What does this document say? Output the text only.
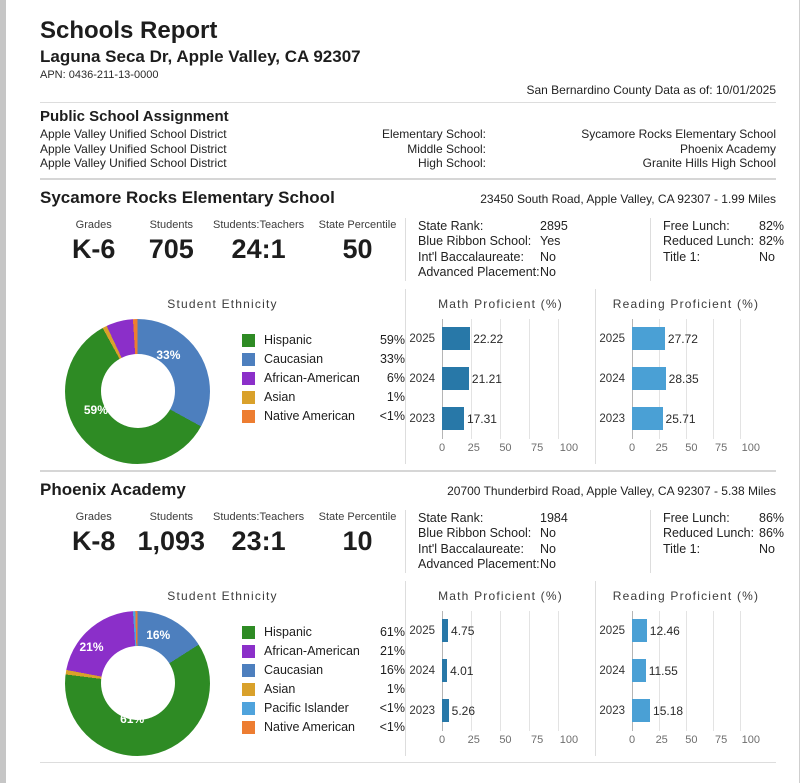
Schools Report
Laguna Seca Dr, Apple Valley, CA 92307
APN: 0436-211-13-0000
San Bernardino County Data as of: 10/01/2025
Public School Assignment
Apple Valley Unified School District	Elementary School:	Sycamore Rocks Elementary School
Apple Valley Unified School District	Middle School:	Phoenix Academy
Apple Valley Unified School District	High School:	Granite Hills High School
Sycamore Rocks Elementary School	23450 South Road, Apple Valley, CA 92307 - 1.99 Miles
Grades
K-6
Students
705
Students:Teachers
24:1
State Percentile
50
State Rank:	2895
Blue Ribbon School: Yes
Int'l Baccalaureate:	No
Advanced Placement: No
Free Lunch:	82%
Reduced Lunch: 82%
Title 1:	No
Student Ethnicity
33%
59%
Hispanic	59%
Caucasian	33%
African-American	6%
Asian	1%
Native American	<1%
Math Proficient (%)
2025	22.22
2024	21.21
2023	17.31
0 25 50 75 100
Reading Proficient (%)
2025	27.72
2024	28.35
2023	25.71
0 25 50 75 100
Phoenix Academy	20700 Thunderbird Road, Apple Valley, CA 92307 - 5.38 Miles
Grades
K-8
Students
1,093
Students:Teachers
23:1
State Percentile
10
State Rank:	1984
Blue Ribbon School: No
Int'l Baccalaureate:	No
Advanced Placement: No
Free Lunch:	86%
Reduced Lunch: 86%
Title 1:	No
Student Ethnicity
16%
21%
61%
Hispanic	61%
African-American	21%
Caucasian	16%
Asian	1%
Pacific Islander	<1%
Native American	<1%
Math Proficient (%)
2025	4.75
2024	4.01
2023	5.26
0 25 50 75 100
Reading Proficient (%)
2025	12.46
2024	11.55
2023	15.18
0 25 50 75 100
